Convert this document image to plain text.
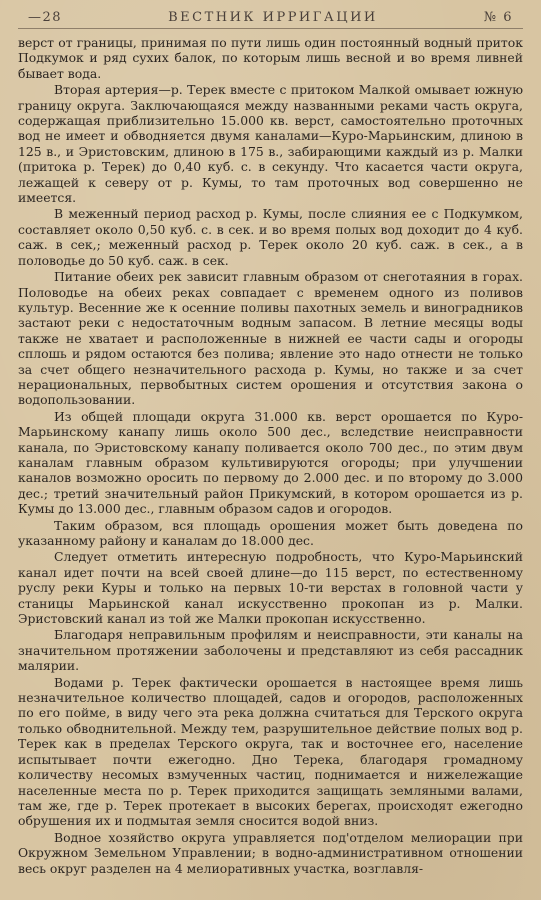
—28	ВЕСТНИК ИРРИГАЦИИ	№ 6

верст от границы, принимая по пути лишь один постоянный водный приток Подкумок и ряд сухих балок, по которым лишь весной и во время ливней бывает вода.

Вторая артерия—р. Терек вместе с притоком Малкой омывает южную границу округа. Заключающаяся между названными реками часть округа, содержащая приблизительно 15.000 кв. верст, самостоятельно проточных вод не имеет и обводняется двумя каналами—Куро-Марьинским, длиною в 125 в., и Эристовским, длиною в 175 в., забирающими каждый из р. Малки (притока р. Терек) до 0,40 куб. с. в секунду. Что касается части округа, лежащей к северу от р. Кумы, то там проточных вод совершенно не имеется.

В меженный период расход р. Кумы, после слияния ее с Подкумком, составляет около 0,50 куб. с. в сек. и во время полых вод доходит до 4 куб. саж. в сек,; меженный расход р. Терек около 20 куб. саж. в сек., а в половодье до 50 куб. саж. в сек.

Питание обеих рек зависит главным образом от снеготаяния в горах. Половодье на обеих реках совпадает с временем одного из поливов культур. Весенние же к осенние поливы пахотных земель и виноградников застают реки с недостаточным водным запасом. В летние месяцы воды также не хватает и расположенные в нижней ее части сады и огороды сплошь и рядом остаются без полива; явление это надо отнести не только за счет общего незначительного расхода р. Кумы, но также и за счет нерациональных, первобытных систем орошения и отсутствия закона о водопользовании.

Из общей площади округа 31.000 кв. верст орошается по Куро-Марьинскому канапу лишь около 500 дес., вследствие неисправности канала, по Эристовскому канапу поливается около 700 дес., по этим двум каналам главным образом культивируются огороды; при улучшении каналов возможно оросить по первому до 2.000 дес. и по второму до 3.000 дес.; третий значительный район Прикумский, в котором орошается из р. Кумы до 13.000 дес., главным образом садов и огородов.

Таким образом, вся площадь орошения может быть доведена по указанному району и каналам до 18.000 дес.

Следует отметить интересную подробность, что Куро-Марьинский канал идет почти на всей своей длине—до 115 верст, по естественному руслу реки Куры и только на первых 10-ти верстах в головной части у станицы Марьинской канал искусственно прокопан из р. Малки. Эристовский канал из той же Малки прокопан искусственно.

Благодаря неправильным профилям и неисправности, эти каналы на значительном протяжении заболочены и представляют из себя рассадник малярии.

Водами р. Терек фактически орошается в настоящее время лишь незначительное количество площадей, садов и огородов, расположенных по его пойме, в виду чего эта река должна считаться для Терского округа только обводнительной. Между тем, разрушительное действие полых вод р. Терек как в пределах Терского округа, так и восточнее его, население испытывает почти ежегодно. Дно Терека, благодаря громадному количеству несомых взмученных частиц, поднимается и нижележащие населенные места по р. Терек приходится защищать земляными валами, там же, где р. Терек протекает в высоких берегах, происходят ежегодно обрушения их и подмытая земля сносится водой вниз.

Водное хозяйство округа управляется под'отделом мелиорации при Окружном Земельном Управлении; в водно-административном отношении весь округ разделен на 4 мелиоративных участка, возглавля-
